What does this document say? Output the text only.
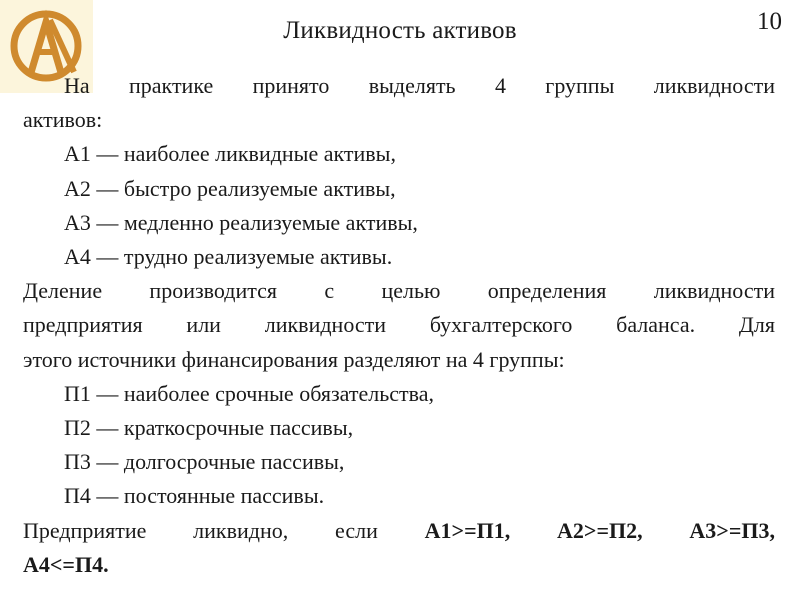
Ликвидность активов	10

На практике принято выделять 4 группы ликвидности

активов:

А1 — наиболее ликвидные активы,

А2 — быстро реализуемые активы,

А3 — медленно реализуемые активы,

А4 — трудно реализуемые активы.

Деление производится с целью определения ликвидности

предприятия или ликвидности бухгалтерского баланса. Для

этого источники финансирования разделяют на 4 группы:

П1 — наиболее срочные обязательства,

П2 — краткосрочные пассивы,

П3 — долгосрочные пассивы,

П4 — постоянные пассивы.

Предприятие ликвидно, если А1>=П1, А2>=П2, А3>=П3,

А4<=П4.
